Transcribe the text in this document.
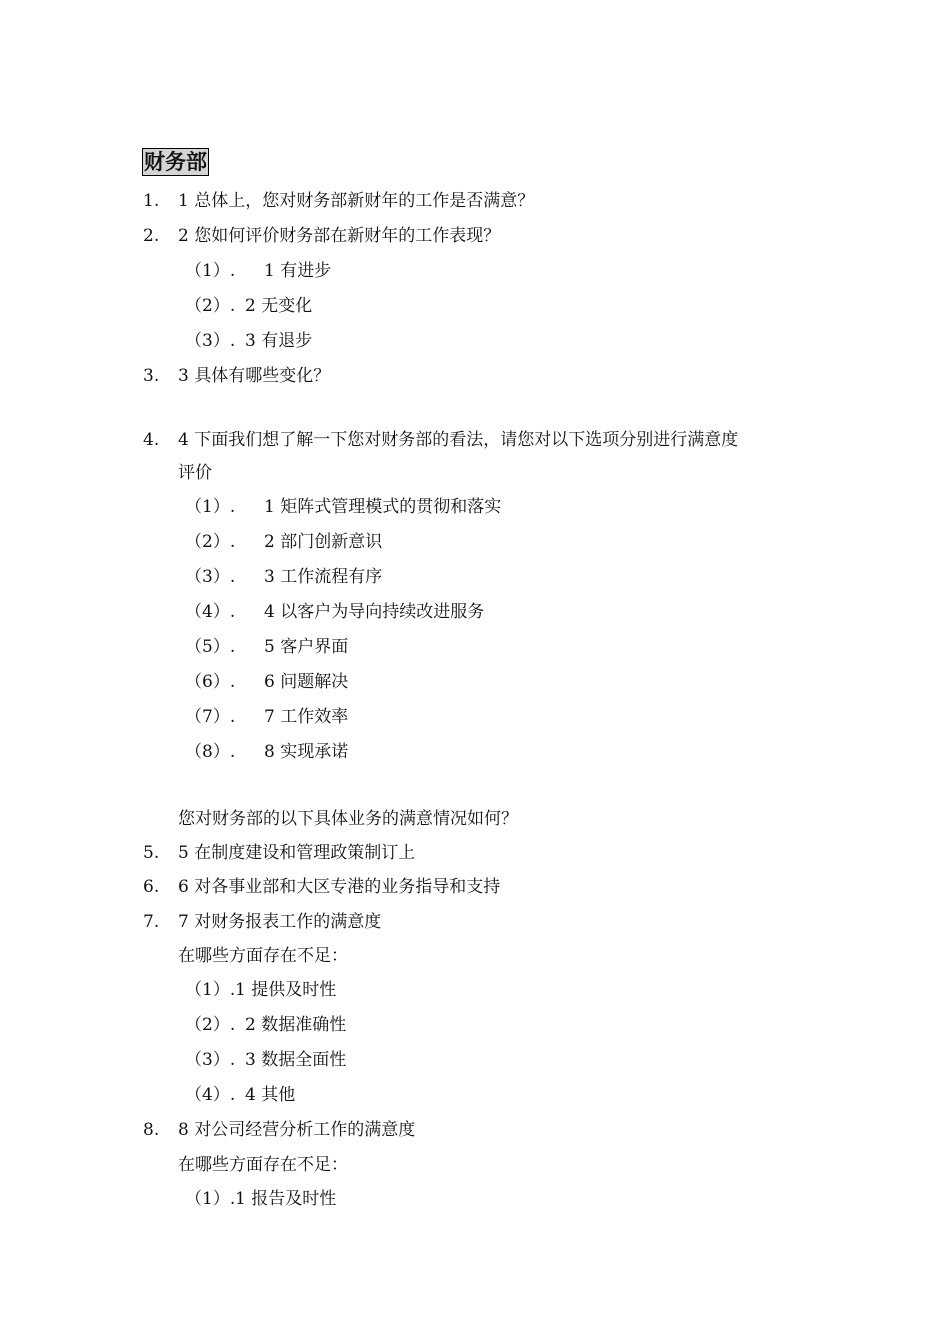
财务部
1. 1 总体上，您对财务部新财年的工作是否满意？
2. 2 您如何评价财务部在新财年的工作表现？
（1）. 1 有进步
（2）. 2 无变化
（3）. 3 有退步
3. 3 具体有哪些变化？
4. 4 下面我们想了解一下您对财务部的看法，请您对以下选项分别进行满意度
评价
（1）. 1 矩阵式管理模式的贯彻和落实
（2）. 2 部门创新意识
（3）. 3 工作流程有序
（4）. 4 以客户为导向持续改进服务
（5）. 5 客户界面
（6）. 6 问题解决
（7）. 7 工作效率
（8）. 8 实现承诺
您对财务部的以下具体业务的满意情况如何？
5. 5 在制度建设和管理政策制订上
6. 6 对各事业部和大区专港的业务指导和支持
7. 7 对财务报表工作的满意度
在哪些方面存在不足：
（1）. 1 提供及时性
（2）. 2 数据准确性
（3）. 3 数据全面性
（4）. 4 其他
8. 8 对公司经营分析工作的满意度
在哪些方面存在不足：
（1）. 1 报告及时性
